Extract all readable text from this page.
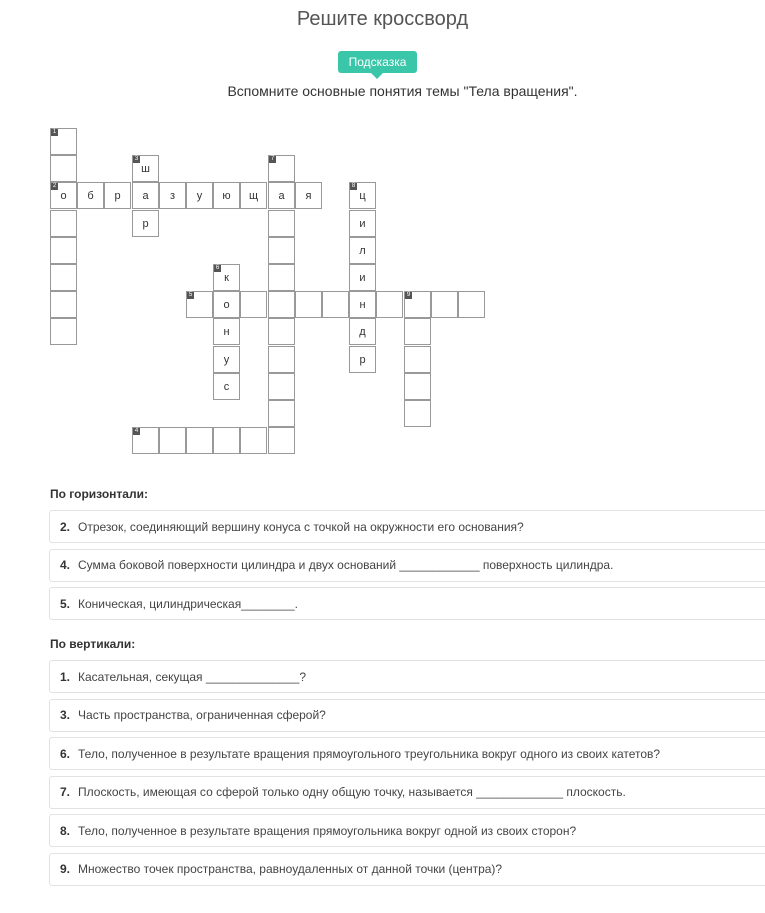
Решите кроссворд
Подсказка
Вспомните основные понятия темы "Тела вращения".
1
2
о б р
3
ш
а
р
з у ю щ
7
а я
8
ц
и
л
и
н
д
р
6
к
5
о
9
н
у
с
4
По горизонтали:
2. Отрезок, соединяющий вершину конуса с точкой на окружности его основания?
4. Сумма боковой поверхности цилиндра и двух оснований ____________ поверхность цилиндра.
5. Коническая, цилиндрическая________.
По вертикали:
1. Касательная, секущая ______________?
3. Часть пространства, ограниченная сферой?
6. Тело, полученное в результате вращения прямоугольного треугольника вокруг одного из своих катетов?
7. Плоскость, имеющая со сферой только одну общую точку, называется _____________ плоскость.
8. Тело, полученное в результате вращения прямоугольника вокруг одной из своих сторон?
9. Множество точек пространства, равноудаленных от данной точки (центра)?
